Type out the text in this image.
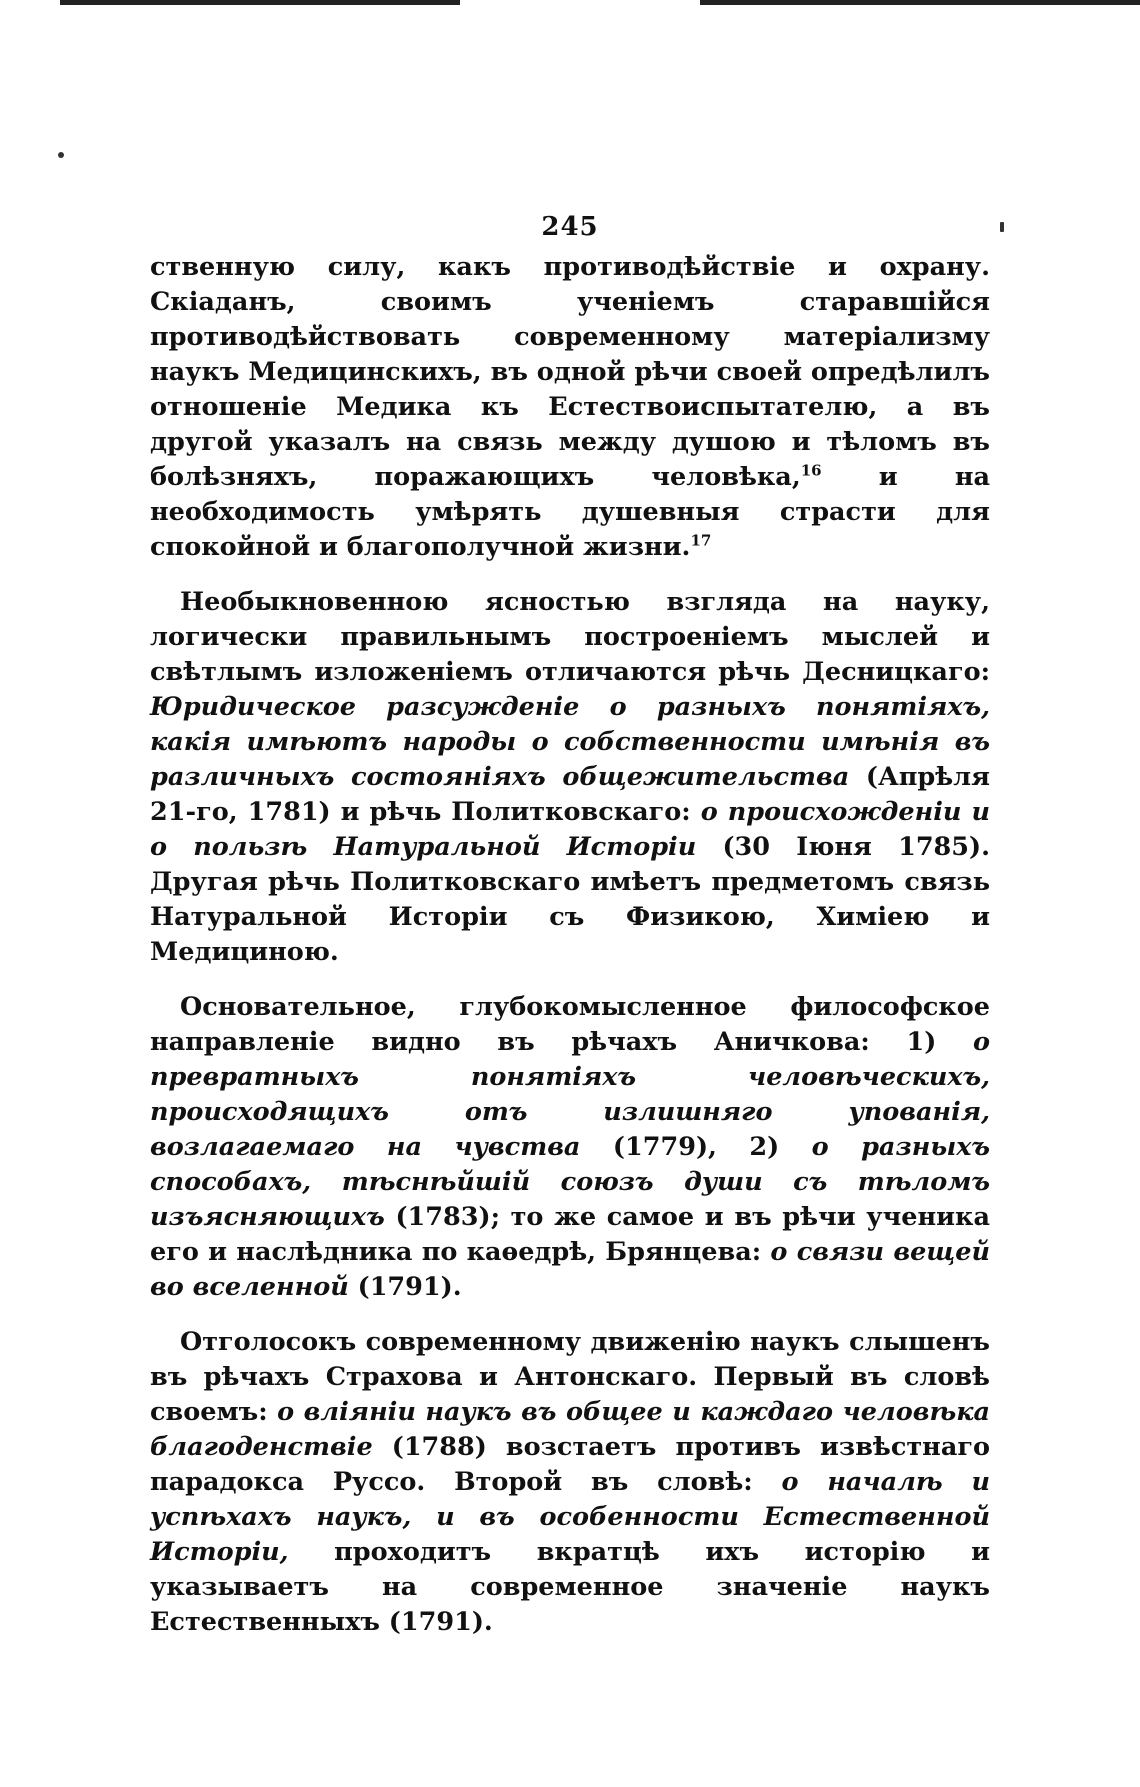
245

ственную силу, какъ противодѣйствіе и охрану. Скіаданъ, своимъ ученіемъ старавшійся противодѣйствовать современному матеріализму наукъ Медицинскихъ, въ одной рѣчи своей опредѣлилъ отношеніе Медика къ Естествоиспытателю, а въ другой указалъ на связь между душою и тѣломъ въ болѣзняхъ, поражающихъ человѣка,$^{16}$ и на необходимость умѣрять душевныя страсти для спокойной и благополучной жизни.$^{17}$

Необыкновенною ясностью взгляда на науку, логически правильнымъ построеніемъ мыслей и свѣтлымъ изложеніемъ отличаются рѣчь Десницкаго: Юридическое разсужденіе о разныхъ понятіяхъ, какія имѣютъ народы о собственности имѣнія въ различныхъ состояніяхъ общежительства (Апрѣля 21-го, 1781) и рѣчь Политковскаго: о происхожденіи и о пользѣ Натуральной Исторіи (30 Іюня 1785). Другая рѣчь Политковскаго имѣетъ предметомъ связь Натуральной Исторіи съ Физикою, Химіею и Медициною.

Основательное, глубокомысленное философское направленіе видно въ рѣчахъ Аничкова: 1) о превратныхъ понятіяхъ человѣческихъ, происходящихъ отъ излишняго упованія, возлагаемаго на чувства (1779), 2) о разныхъ способахъ, тѣснѣйшій союзъ души съ тѣломъ изъясняющихъ (1783); то же самое и въ рѣчи ученика его и наслѣдника по каѳедрѣ, Брянцева: о связи вещей во вселенной (1791).

Отголосокъ современному движенію наукъ слышенъ въ рѣчахъ Страхова и Антонскаго. Первый въ словѣ своемъ: о вліяніи наукъ въ общее и каждаго человѣка благоденствіе (1788) возстаетъ противъ извѣстнаго парадокса Руссо. Второй въ словѣ: о началѣ и успѣхахъ наукъ, и въ особенности Естественной Исторіи, проходитъ вкратцѣ ихъ исторію и указываетъ на современное значеніе наукъ Естественныхъ (1791).
